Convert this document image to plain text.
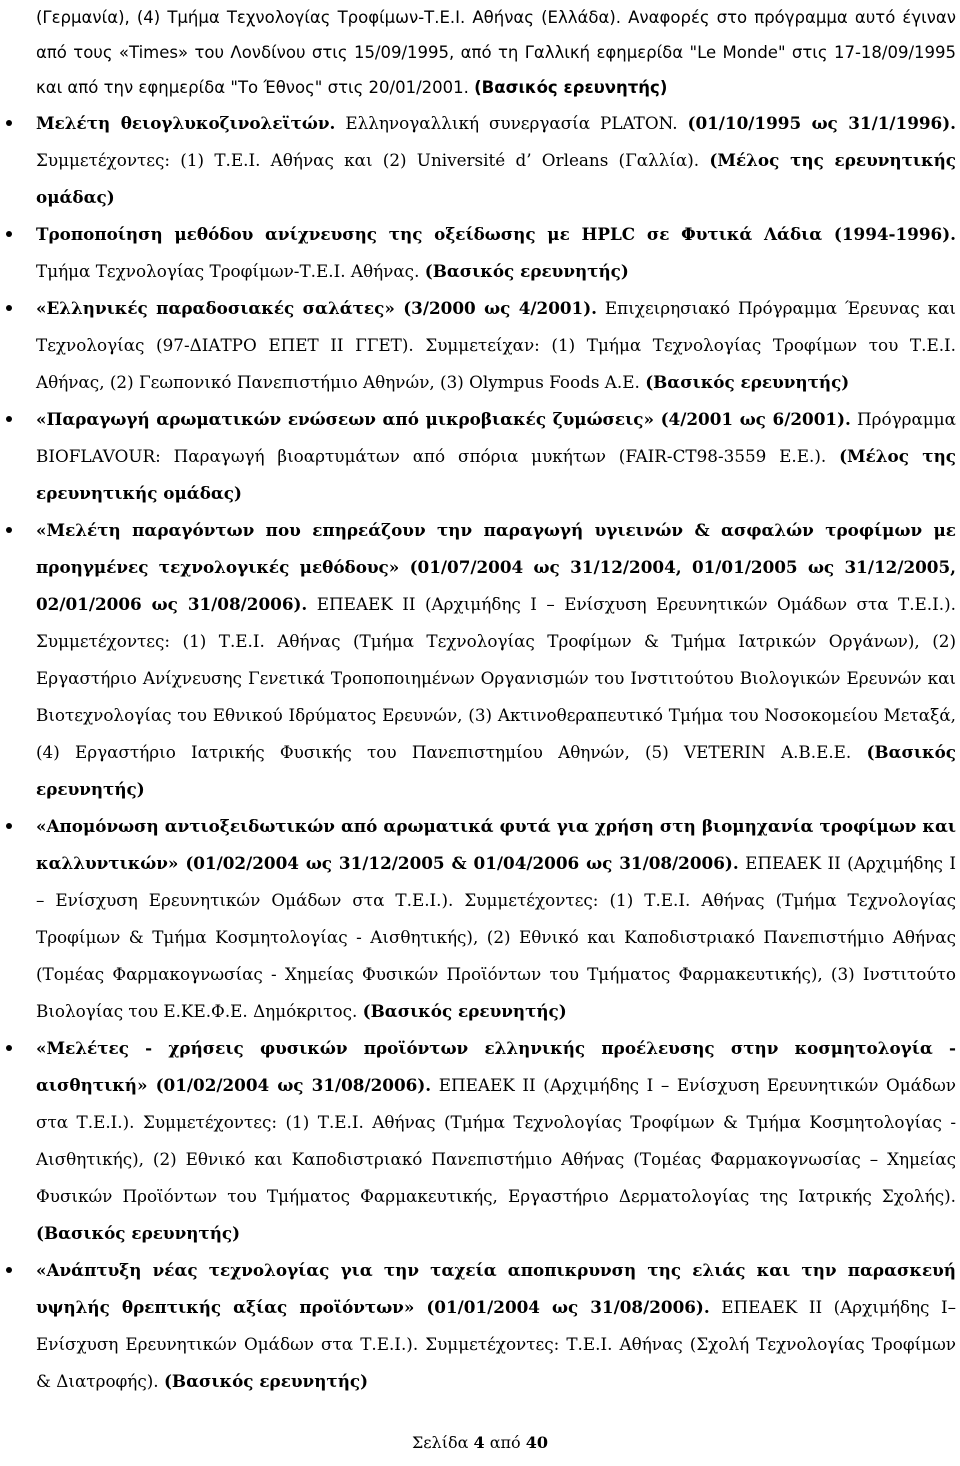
(Γερμανία), (4) Τμήμα Τεχνολογίας Τροφίμων-Τ.Ε.Ι. Αθήνας (Ελλάδα). Αναφορές στο πρόγραμμα αυτό έγιναν από τους «Times» του Λονδίνου στις 15/09/1995, από τη Γαλλική εφημερίδα "Le Monde" στις 17-18/09/1995 και από την εφημερίδα "Το Έθνος" στις 20/01/2001. (Βασικός ερευνητής)
Μελέτη θειογλυκοζινολεϊτών. Ελληνογαλλική συνεργασία PLATON. (01/10/1995 ως 31/1/1996). Συμμετέχοντες: (1) Τ.Ε.Ι. Αθήνας και (2) Université d’ Orleans (Γαλλία). (Μέλος της ερευνητικής ομάδας)
Τροποποίηση μεθόδου ανίχνευσης της οξείδωσης με HPLC σε Φυτικά Λάδια (1994-1996). Τμήμα Τεχνολογίας Τροφίμων-Τ.Ε.Ι. Αθήνας. (Βασικός ερευνητής)
«Ελληνικές παραδοσιακές σαλάτες» (3/2000 ως 4/2001). Επιχειρησιακό Πρόγραμμα Έρευνας και Τεχνολογίας (97-ΔΙΑΤΡΟ ΕΠΕΤ ΙΙ ΓΓΕΤ). Συμμετείχαν: (1) Τμήμα Τεχνολογίας Τροφίμων του Τ.Ε.Ι. Αθήνας, (2) Γεωπονικό Πανεπιστήμιο Αθηνών, (3) Olympus Foods A.E. (Βασικός ερευνητής)
«Παραγωγή αρωματικών ενώσεων από μικροβιακές ζυμώσεις» (4/2001 ως 6/2001). Πρόγραμμα BIOFLAVOUR: Παραγωγή βιοαρτυμάτων από σπόρια μυκήτων (FAIR-CT98-3559 Ε.Ε.). (Μέλος της ερευνητικής ομάδας)
«Μελέτη παραγόντων που επηρεάζουν την παραγωγή υγιεινών & ασφαλών τροφίμων με προηγμένες τεχνολογικές μεθόδους» (01/07/2004 ως 31/12/2004, 01/01/2005 ως 31/12/2005, 02/01/2006 ως 31/08/2006). ΕΠΕΑΕΚ ΙΙ (Αρχιμήδης Ι – Ενίσχυση Ερευνητικών Ομάδων στα Τ.Ε.Ι.). Συμμετέχοντες: (1) Τ.Ε.Ι. Αθήνας (Τμήμα Τεχνολογίας Τροφίμων & Τμήμα Ιατρικών Οργάνων), (2) Εργαστήριο Ανίχνευσης Γενετικά Τροποποιημένων Οργανισμών του Ινστιτούτου Βιολογικών Ερευνών και Βιοτεχνολογίας του Εθνικού Ιδρύματος Ερευνών, (3) Ακτινοθεραπευτικό Τμήμα του Νοσοκομείου Μεταξά, (4) Εργαστήριο Ιατρικής Φυσικής του Πανεπιστημίου Αθηνών, (5) VETERIN A.B.E.E. (Βασικός ερευνητής)
«Απομόνωση αντιοξειδωτικών από αρωματικά φυτά για χρήση στη βιομηχανία τροφίμων και καλλυντικών» (01/02/2004 ως 31/12/2005 & 01/04/2006 ως 31/08/2006). ΕΠΕΑΕΚ ΙΙ (Αρχιμήδης Ι – Ενίσχυση Ερευνητικών Ομάδων στα Τ.Ε.Ι.). Συμμετέχοντες: (1) Τ.Ε.Ι. Αθήνας (Τμήμα Τεχνολογίας Τροφίμων & Τμήμα Κοσμητολογίας - Αισθητικής), (2) Εθνικό και Καποδιστριακό Πανεπιστήμιο Αθήνας (Τομέας Φαρμακογνωσίας - Χημείας Φυσικών Προϊόντων του Τμήματος Φαρμακευτικής), (3) Ινστιτούτο Βιολογίας του Ε.ΚΕ.Φ.Ε. Δημόκριτος. (Βασικός ερευνητής)
«Μελέτες - χρήσεις φυσικών προϊόντων ελληνικής προέλευσης στην κοσμητολογία - αισθητική» (01/02/2004 ως 31/08/2006). ΕΠΕΑΕΚ ΙΙ (Αρχιμήδης Ι – Ενίσχυση Ερευνητικών Ομάδων στα Τ.Ε.Ι.). Συμμετέχοντες: (1) Τ.Ε.Ι. Αθήνας (Τμήμα Τεχνολογίας Τροφίμων & Τμήμα Κοσμητολογίας - Αισθητικής), (2) Εθνικό και Καποδιστριακό Πανεπιστήμιο Αθήνας (Τομέας Φαρμακογνωσίας – Χημείας Φυσικών Προϊόντων του Τμήματος Φαρμακευτικής, Εργαστήριο Δερματολογίας της Ιατρικής Σχολής). (Βασικός ερευνητής)
«Ανάπτυξη νέας τεχνολογίας για την ταχεία αποπικρυνση της ελιάς και την παρασκευή υψηλής θρεπτικής αξίας προϊόντων» (01/01/2004 ως 31/08/2006). ΕΠΕΑΕΚ ΙΙ (Αρχιμήδης Ι– Ενίσχυση Ερευνητικών Ομάδων στα Τ.Ε.Ι.). Συμμετέχοντες: Τ.Ε.Ι. Αθήνας (Σχολή Τεχνολογίας Τροφίμων & Διατροφής). (Βασικός ερευνητής)
Σελίδα 4 από 40
